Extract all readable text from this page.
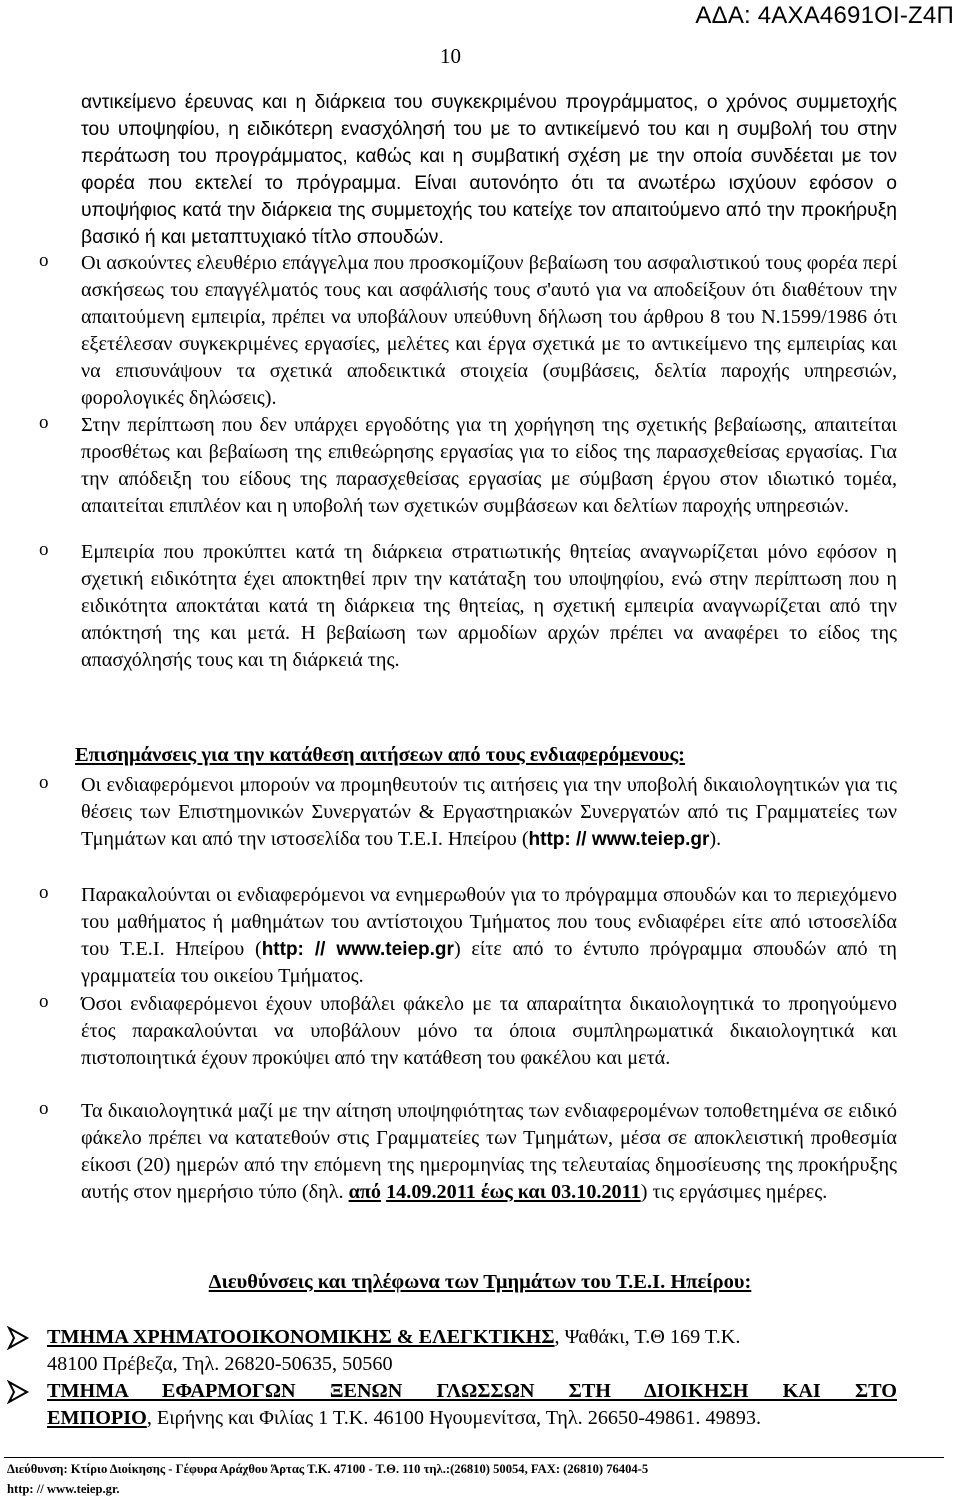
ΑΔΑ: 4ΑΧΑ4691ΟΙ-Ζ4Π
10
αντικείμενο έρευνας και η διάρκεια του συγκεκριμένου προγράμματος, ο χρόνος συμμετοχής του υποψηφίου, η ειδικότερη ενασχόλησή του με το αντικείμενό του και η συμβολή του στην περάτωση του προγράμματος, καθώς και η συμβατική σχέση με την οποία συνδέεται με τον φορέα που εκτελεί το πρόγραμμα. Είναι αυτονόητο ότι τα ανωτέρω ισχύουν εφόσον ο υποψήφιος κατά την διάρκεια της συμμετοχής του κατείχε τον απαιτούμενο από την προκήρυξη βασικό ή και μεταπτυχιακό τίτλο σπουδών.
o Οι ασκούντες ελευθέριο επάγγελμα που προσκομίζουν βεβαίωση του ασφαλιστικού τους φορέα περί ασκήσεως του επαγγέλματός τους και ασφάλισής τους σ'αυτό για να αποδείξουν ότι διαθέτουν την απαιτούμενη εμπειρία, πρέπει να υποβάλουν υπεύθυνη δήλωση του άρθρου 8 του Ν.1599/1986 ότι εξετέλεσαν συγκεκριμένες εργασίες, μελέτες και έργα σχετικά με το αντικείμενο της εμπειρίας και να επισυνάψουν τα σχετικά αποδεικτικά στοιχεία (συμβάσεις, δελτία παροχής υπηρεσιών, φορολογικές δηλώσεις).
o Στην περίπτωση που δεν υπάρχει εργοδότης για τη χορήγηση της σχετικής βεβαίωσης, απαιτείται προσθέτως και βεβαίωση της επιθεώρησης εργασίας για το είδος της παρασχεθείσας εργασίας. Για την απόδειξη του είδους της παρασχεθείσας εργασίας με σύμβαση έργου στον ιδιωτικό τομέα, απαιτείται επιπλέον και η υποβολή των σχετικών συμβάσεων και δελτίων παροχής υπηρεσιών.
o Εμπειρία που προκύπτει κατά τη διάρκεια στρατιωτικής θητείας αναγνωρίζεται μόνο εφόσον η σχετική ειδικότητα έχει αποκτηθεί πριν την κατάταξη του υποψηφίου, ενώ στην περίπτωση που η ειδικότητα αποκτάται κατά τη διάρκεια της θητείας, η σχετική εμπειρία αναγνωρίζεται από την απόκτησή της και μετά. Η βεβαίωση των αρμοδίων αρχών πρέπει να αναφέρει το είδος της απασχόλησής τους και τη διάρκειά της.
Επισημάνσεις για την κατάθεση αιτήσεων από τους ενδιαφερόμενους:
o Οι ενδιαφερόμενοι μπορούν να προμηθευτούν τις αιτήσεις για την υποβολή δικαιολογητικών για τις θέσεις των Επιστημονικών Συνεργατών & Εργαστηριακών Συνεργατών από τις Γραμματείες των Τμημάτων και από την ιστοσελίδα του Τ.Ε.Ι. Ηπείρου (http: // www.teiep.gr).
o Παρακαλούνται οι ενδιαφερόμενοι να ενημερωθούν για το πρόγραμμα σπουδών και το περιεχόμενο του μαθήματος ή μαθημάτων του αντίστοιχου Τμήματος που τους ενδιαφέρει είτε από ιστοσελίδα του Τ.Ε.Ι. Ηπείρου (http: // www.teiep.gr) είτε από το έντυπο πρόγραμμα σπουδών από τη γραμματεία του οικείου Τμήματος.
o Όσοι ενδιαφερόμενοι έχουν υποβάλει φάκελο με τα απαραίτητα δικαιολογητικά το προηγούμενο έτος παρακαλούνται να υποβάλουν μόνο τα όποια συμπληρωματικά δικαιολογητικά και πιστοποιητικά έχουν προκύψει από την κατάθεση του φακέλου και μετά.
o Τα δικαιολογητικά μαζί με την αίτηση υποψηφιότητας των ενδιαφερομένων τοποθετημένα σε ειδικό φάκελο πρέπει να κατατεθούν στις Γραμματείες των Τμημάτων, μέσα σε αποκλειστική προθεσμία είκοσι (20) ημερών από την επόμενη της ημερομηνίας της τελευταίας δημοσίευσης της προκήρυξης αυτής στον ημερήσιο τύπο (δηλ. από 14.09.2011 έως και 03.10.2011) τις εργάσιμες ημέρες.
Διευθύνσεις και τηλέφωνα των Τμημάτων του Τ.Ε.Ι. Ηπείρου:
ΤΜΗΜΑ ΧΡΗΜΑΤΟΟΙΚΟΝΟΜΙΚΗΣ & ΕΛΕΓΚΤΙΚΗΣ, Ψαθάκι, Τ.Θ 169 Τ.Κ.
48100 Πρέβεζα, Τηλ. 26820-50635, 50560
ΤΜΗΜΑ ΕΦΑΡΜΟΓΩΝ ΞΕΝΩΝ ΓΛΩΣΣΩΝ ΣΤΗ ΔΙΟΙΚΗΣΗ ΚΑΙ ΣΤΟ
ΕΜΠΟΡΙΟ, Ειρήνης και Φιλίας 1 Τ.Κ. 46100 Ηγουμενίτσα, Τηλ. 26650-49861. 49893.
Διεύθυνση: Κτίριο Διοίκησης - Γέφυρα Αράχθου Άρτας Τ.Κ. 47100 - Τ.Θ. 110 τηλ.:(26810) 50054, FAX: (26810) 76404-5
http: // www.teiep.gr.
